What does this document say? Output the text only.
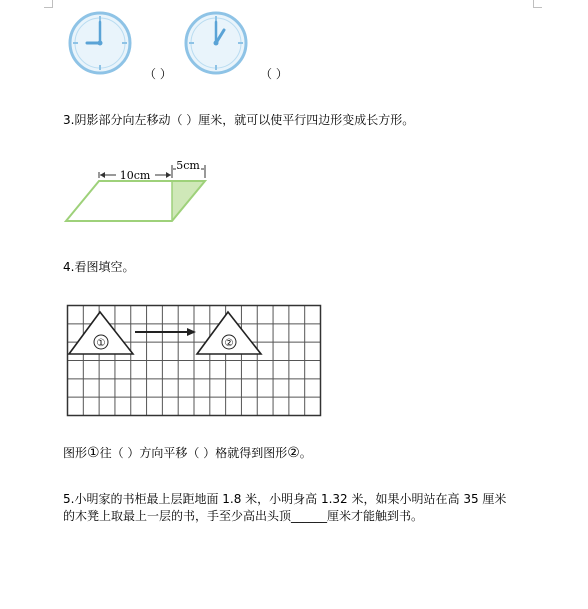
（ ）	（ ）
3.阴影部分向左移动（ ）厘米，就可以使平行四边形变成长方形。
10cm
5cm
4.看图填空。
①	②
图形①往（ ）方向平移（ ）格就得到图形②。
5.小明家的书柜最上层距地面 1.8 米，小明身高 1.32 米，如果小明站在高 35 厘米
的木凳上取最上一层的书，手至少高出头顶______厘米才能触到书。
